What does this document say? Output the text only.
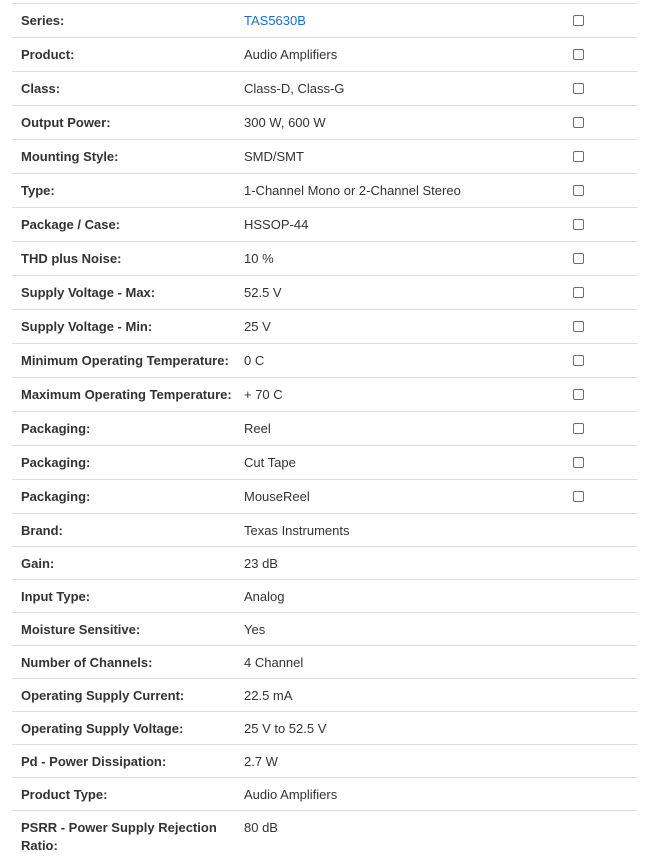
Series:	TAS5630B	
Product:	Audio Amplifiers	
Class:	Class-D, Class-G	
Output Power:	300 W, 600 W	
Mounting Style:	SMD/SMT	
Type:	1-Channel Mono or 2-Channel Stereo	
Package / Case:	HSSOP-44	
THD plus Noise:	10 %	
Supply Voltage - Max:	52.5 V	
Supply Voltage - Min:	25 V	
Minimum Operating Temperature:	0 C	
Maximum Operating Temperature:	+ 70 C	
Packaging:	Reel	
Packaging:	Cut Tape	
Packaging:	MouseReel	
Brand:	Texas Instruments	
Gain:	23 dB	
Input Type:	Analog	
Moisture Sensitive:	Yes	
Number of Channels:	4 Channel	
Operating Supply Current:	22.5 mA	
Operating Supply Voltage:	25 V to 52.5 V	
Pd - Power Dissipation:	2.7 W	
Product Type:	Audio Amplifiers	
PSRR - Power Supply Rejection Ratio:	80 dB	
